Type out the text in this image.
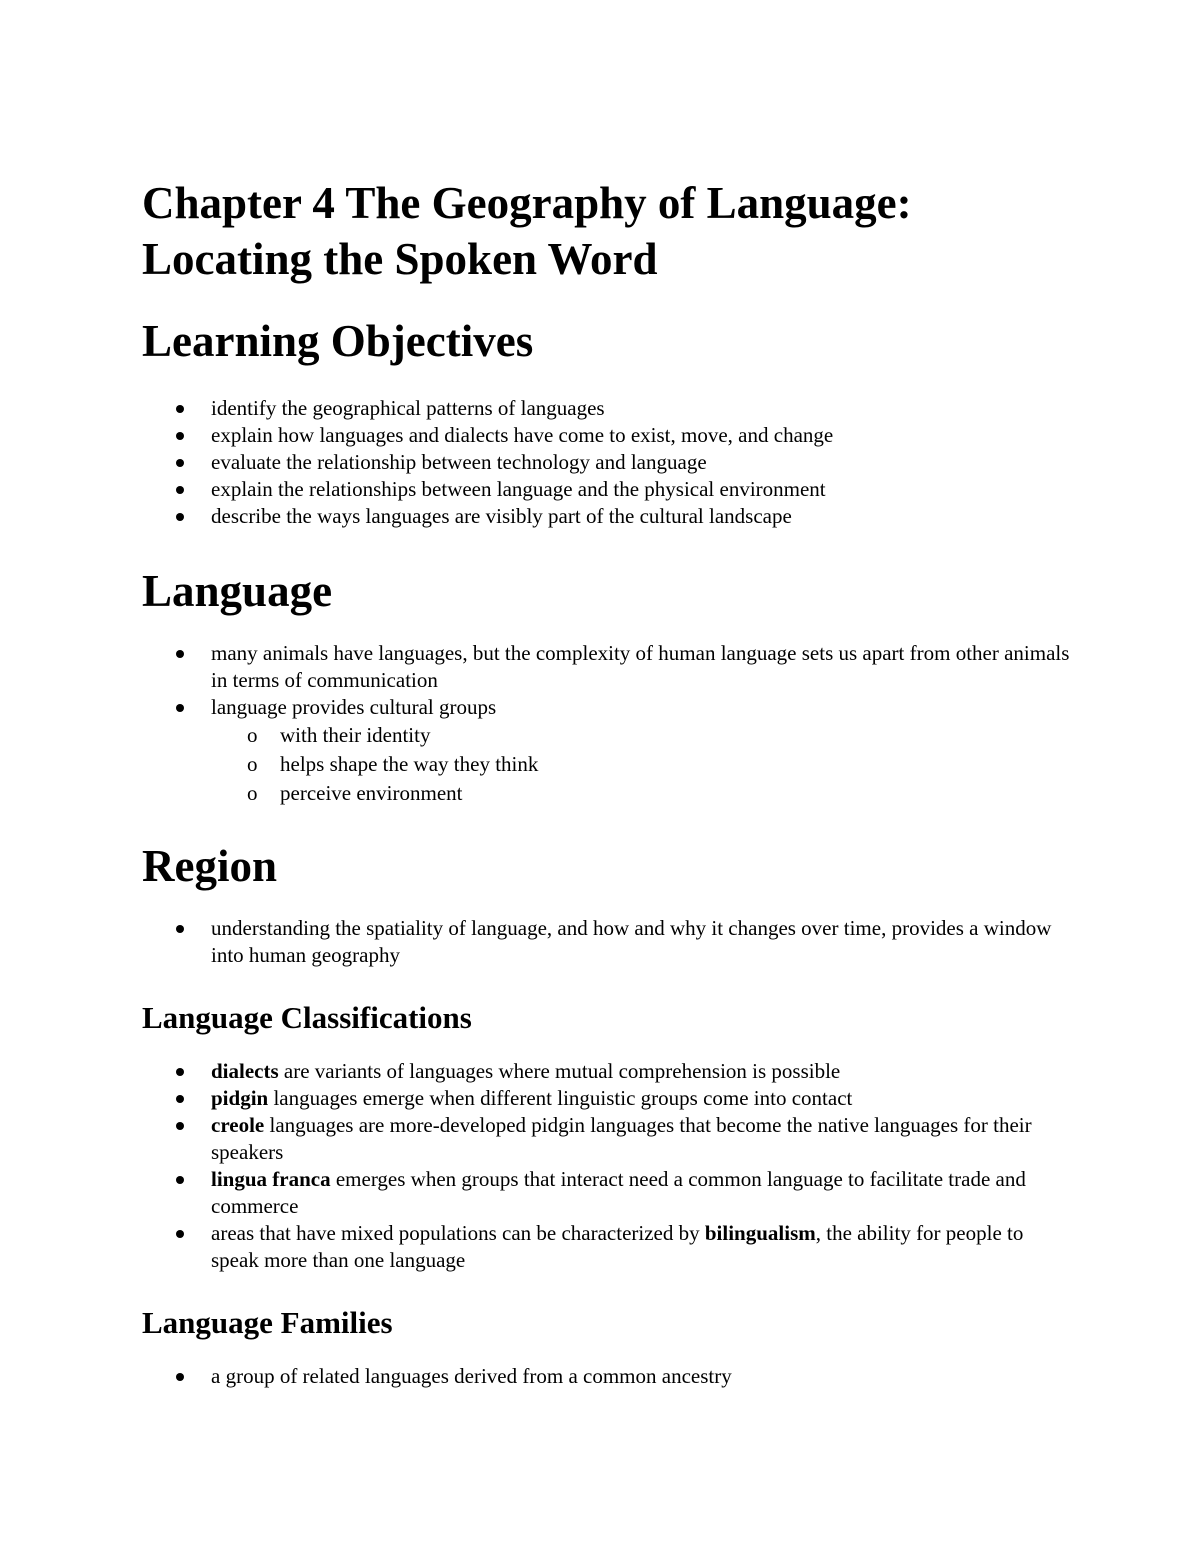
Chapter 4 The Geography of Language:
Locating the Spoken Word
Learning Objectives
identify the geographical patterns of languages
explain how languages and dialects have come to exist, move, and change
evaluate the relationship between technology and language
explain the relationships between language and the physical environment
describe the ways languages are visibly part of the cultural landscape
Language
many animals have languages, but the complexity of human language sets us apart from other animals in terms of communication
language provides cultural groups
o with their identity
o helps shape the way they think
o perceive environment
Region
understanding the spatiality of language, and how and why it changes over time, provides a window into human geography
Language Classifications
dialects are variants of languages where mutual comprehension is possible
pidgin languages emerge when different linguistic groups come into contact
creole languages are more-developed pidgin languages that become the native languages for their speakers
lingua franca emerges when groups that interact need a common language to facilitate trade and commerce
areas that have mixed populations can be characterized by bilingualism, the ability for people to speak more than one language
Language Families
a group of related languages derived from a common ancestry
